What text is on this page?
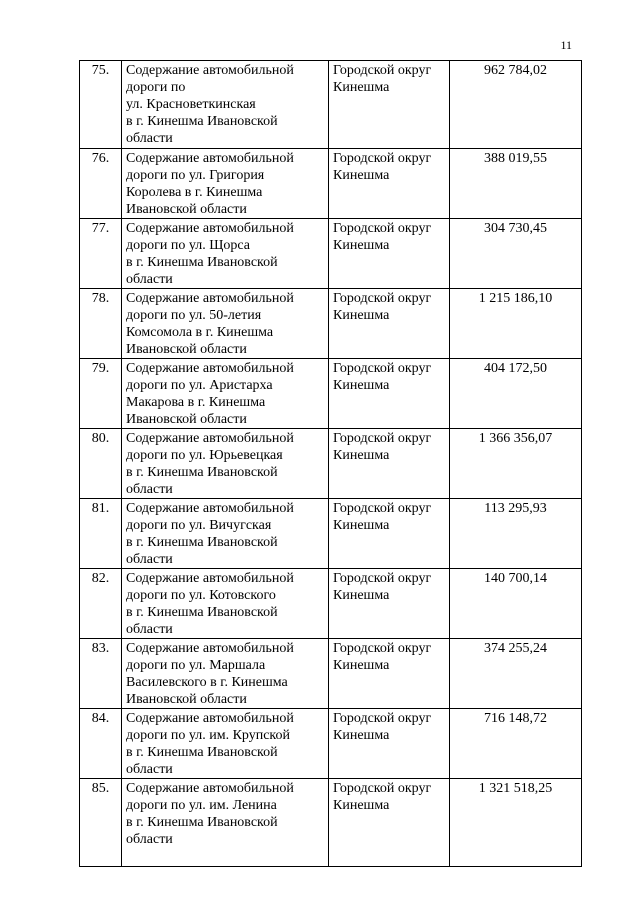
11
75.	Содержание автомобильной
дороги по
ул. Красноветкинская
в г. Кинешма Ивановской
области	Городской округ
Кинешма	962 784,02
76.	Содержание автомобильной
дороги по ул. Григория
Королева в г. Кинешма
Ивановской области	Городской округ
Кинешма	388 019,55
77.	Содержание автомобильной
дороги по ул. Щорса
в г. Кинешма Ивановской
области	Городской округ
Кинешма	304 730,45
78.	Содержание автомобильной
дороги по ул. 50-летия
Комсомола в г. Кинешма
Ивановской области	Городской округ
Кинешма	1 215 186,10
79.	Содержание автомобильной
дороги по ул. Аристарха
Макарова в г. Кинешма
Ивановской области	Городской округ
Кинешма	404 172,50
80.	Содержание автомобильной
дороги по ул. Юрьевецкая
в г. Кинешма Ивановской
области	Городской округ
Кинешма	1 366 356,07
81.	Содержание автомобильной
дороги по ул. Вичугская
в г. Кинешма Ивановской
области	Городской округ
Кинешма	113 295,93
82.	Содержание автомобильной
дороги по ул. Котовского
в г. Кинешма Ивановской
области	Городской округ
Кинешма	140 700,14
83.	Содержание автомобильной
дороги по ул. Маршала
Василевского в г. Кинешма
Ивановской области	Городской округ
Кинешма	374 255,24
84.	Содержание автомобильной
дороги по ул. им. Крупской
в г. Кинешма Ивановской
области	Городской округ
Кинешма	716 148,72
85.	Содержание автомобильной
дороги по ул. им. Ленина
в г. Кинешма Ивановской
области	Городской округ
Кинешма	1 321 518,25
